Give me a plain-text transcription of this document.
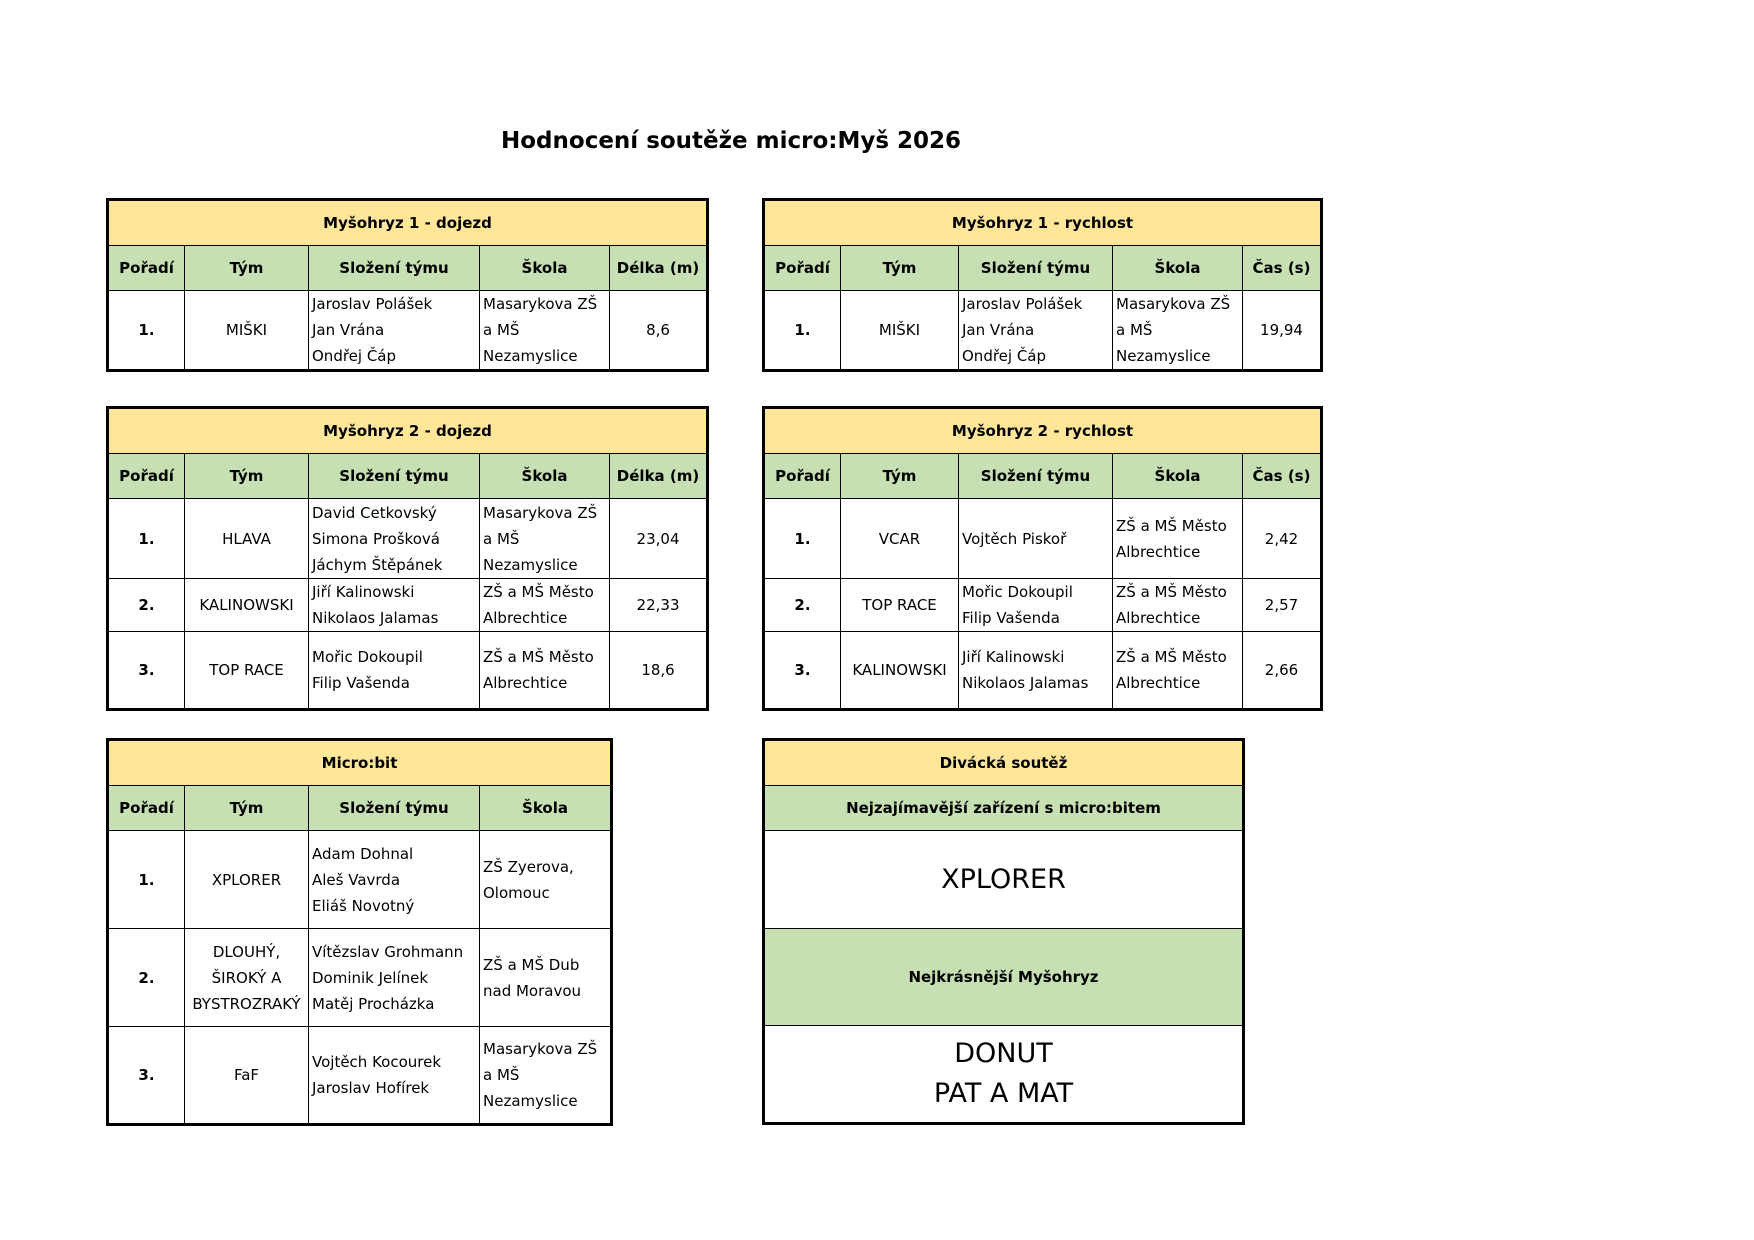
Hodnocení soutěže micro:Myš 2026
Myšohryz 1 - dojezd				
Pořadí	Tým	Složení týmu	Škola	Délka (m)
1.	MIŠKI	Jaroslav Polášek
Jan Vrána
Ondřej Čáp	Masarykova ZŠ
a MŠ
Nezamyslice	8,6
Myšohryz 1 - rychlost				
Pořadí	Tým	Složení týmu	Škola	Čas (s)
1.	MIŠKI	Jaroslav Polášek
Jan Vrána
Ondřej Čáp	Masarykova ZŠ
a MŠ
Nezamyslice	19,94
Myšohryz 2 - dojezd				
Pořadí	Tým	Složení týmu	Škola	Délka (m)
1.	HLAVA	David Cetkovský
Simona Prošková
Jáchym Štěpánek	Masarykova ZŠ
a MŠ
Nezamyslice	23,04
2.	KALINOWSKI	Jiří Kalinowski
Nikolaos Jalamas	ZŠ a MŠ Město
Albrechtice	22,33
3.	TOP RACE	Mořic Dokoupil
Filip Vašenda	ZŠ a MŠ Město
Albrechtice	18,6
Myšohryz 2 - rychlost				
Pořadí	Tým	Složení týmu	Škola	Čas (s)
1.	VCAR	Vojtěch Piskoř	ZŠ a MŠ Město
Albrechtice	2,42
2.	TOP RACE	Mořic Dokoupil
Filip Vašenda	ZŠ a MŠ Město
Albrechtice	2,57
3.	KALINOWSKI	Jiří Kalinowski
Nikolaos Jalamas	ZŠ a MŠ Město
Albrechtice	2,66
Micro:bit			
Pořadí	Tým	Složení týmu	Škola
1.	XPLORER	Adam Dohnal
Aleš Vavrda
Eliáš Novotný	ZŠ Zyerova,
Olomouc

2.	DLOUHÝ,
ŠIROKÝ A
BYSTROZRAKÝ	Vítězslav Grohmann
Dominik Jelínek
Matěj Procházka	ZŠ a MŠ Dub
nad Moravou

3.	FaF	Vojtěch Kocourek
Jaroslav Hofírek	Masarykova ZŠ
a MŠ
Nezamyslice
Divácká soutěž
Nejzajímavější zařízení s micro:bitem

XPLORER

Nejkrásnější Myšohryz

DONUT
PAT A MAT
